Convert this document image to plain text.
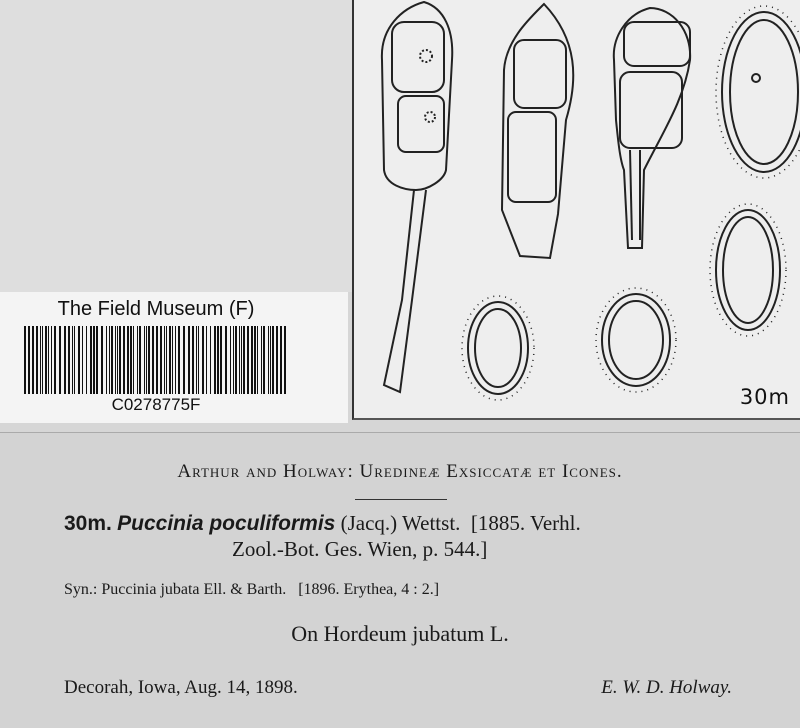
30m
The Field Museum (F)
C0278775F
Arthur and Holway: Uredineæ Exsiccatæ et Icones.
30m. Puccinia poculiformis (Jacq.) Wettst. [1885. Verhl.
Zool.-Bot. Ges. Wien, p. 544.]
Syn.: Puccinia jubata Ell. & Barth. [1896. Erythea, 4 : 2.]
On Hordeum jubatum L.
Decorah, Iowa, Aug. 14, 1898.	E. W. D. Holway.
